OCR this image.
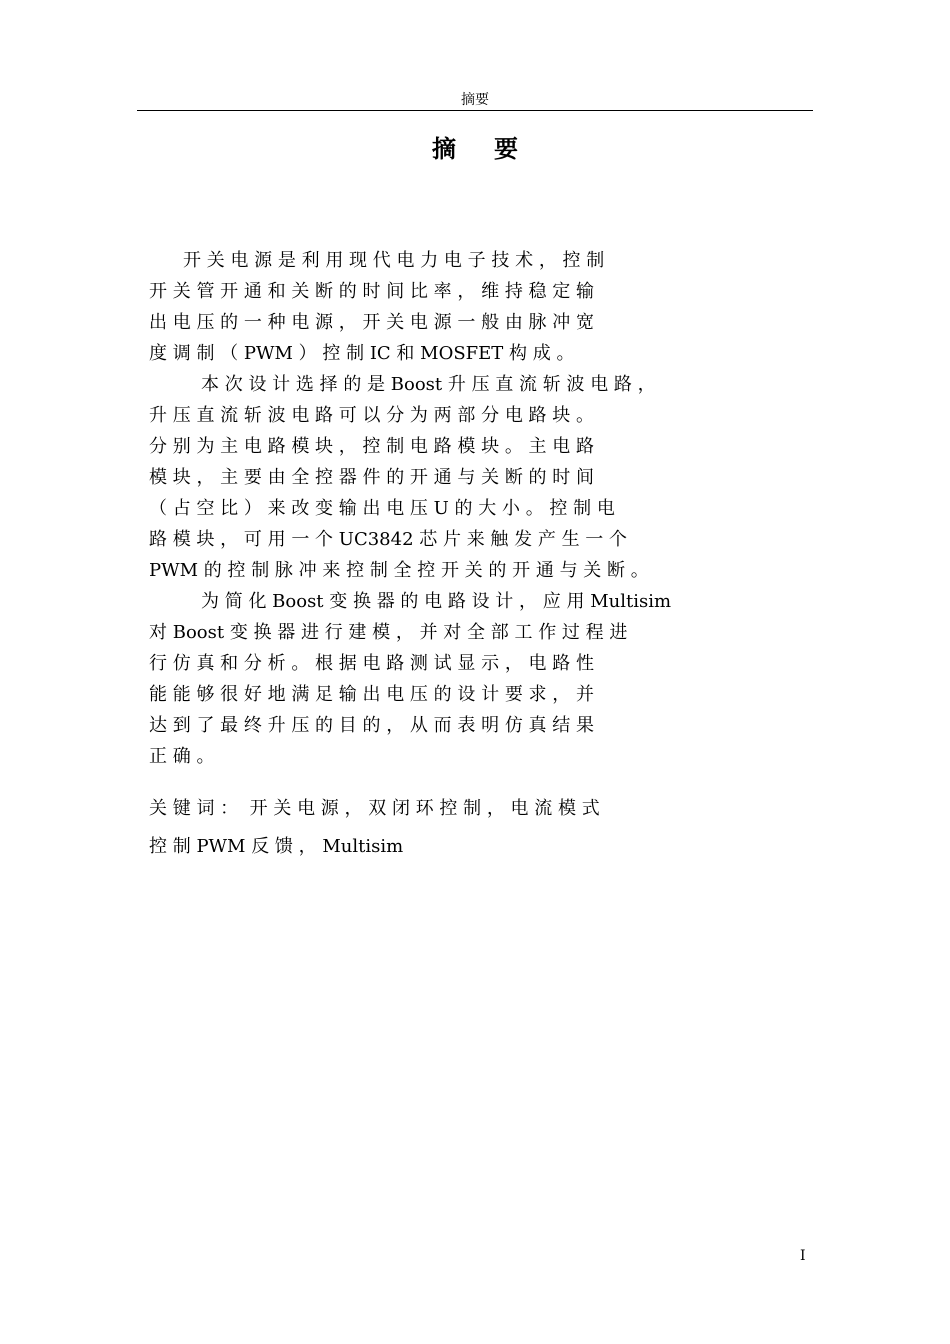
摘要
摘要
开 关 电 源 是 利 用 现 代 电 力 电 子 技 术 ， 控 制
开 关 管 开 通 和 关 断 的 时 间 比 率 ， 维 持 稳 定 输
出 电 压 的 一 种 电 源 ， 开 关 电 源 一 般 由 脉 冲 宽
度 调 制 （ PWM ） 控 制 IC 和 MOSFET 构 成 。
本 次 设 计 选 择 的 是 Boost 升 压 直 流 斩 波 电 路 ，
升 压 直 流 斩 波 电 路 可 以 分 为 两 部 分 电 路 块 。
分 别 为 主 电 路 模 块 ， 控 制 电 路 模 块 。 主 电 路
模 块 ， 主 要 由 全 控 器 件 的 开 通 与 关 断 的 时 间
（ 占 空 比 ） 来 改 变 输 出 电 压 U 的 大 小 。 控 制 电
路 模 块 ， 可 用 一 个 UC3842 芯 片 来 触 发 产 生 一 个
PWM 的 控 制 脉 冲 来 控 制 全 控 开 关 的 开 通 与 关 断 。
为 简 化 Boost 变 换 器 的 电 路 设 计 ， 应 用 Multisim
对 Boost 变 换 器 进 行 建 模 ， 并 对 全 部 工 作 过 程 进
行 仿 真 和 分 析 。 根 据 电 路 测 试 显 示 ， 电 路 性
能 能 够 很 好 地 满 足 输 出 电 压 的 设 计 要 求 ， 并
达 到 了 最 终 升 压 的 目 的 ， 从 而 表 明 仿 真 结 果
正 确 。
关 键 词 ： 开 关 电 源 ， 双 闭 环 控 制 ， 电 流 模 式
控 制 PWM 反 馈 ， Multisim
I
